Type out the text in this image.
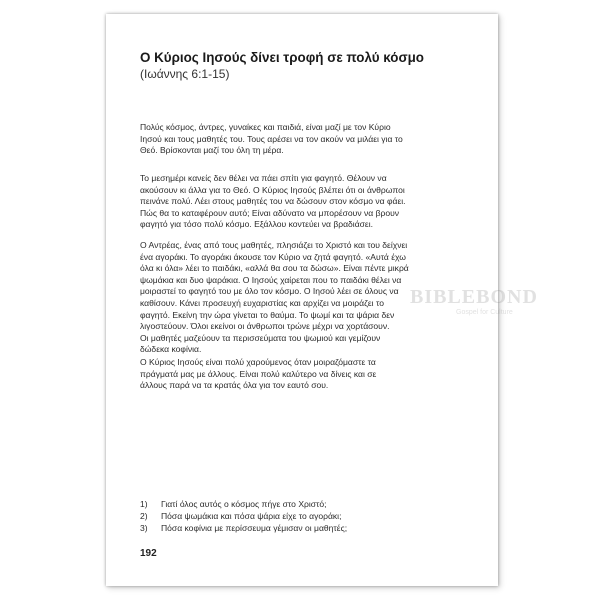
Ο Κύριος Ιησούς δίνει τροφή σε πολύ κόσμο
(Ιωάννης 6:1-15)

Πολύς κόσμος, άντρες, γυναίκες και παιδιά, είναι μαζί με τον Κύριο
Ιησού και τους μαθητές του. Τους αρέσει να τον ακούν να μιλάει για το
Θεό. Βρίσκονται μαζί του όλη τη μέρα.

Το μεσημέρι κανείς δεν θέλει να πάει σπίτι για φαγητό. Θέλουν να
ακούσουν κι άλλα για το Θεό. Ο Κύριος Ιησούς βλέπει ότι οι άνθρωποι
πεινάνε πολύ. Λέει στους μαθητές του να δώσουν στον κόσμο να φάει.
Πώς θα το καταφέρουν αυτό; Είναι αδύνατο να μπορέσουν να βρουν
φαγητό για τόσο πολύ κόσμο. Εξάλλου κοντεύει να βραδιάσει.

Ο Αντρέας, ένας από τους μαθητές, πλησιάζει το Χριστό και του δείχνει
ένα αγοράκι. Το αγοράκι άκουσε τον Κύριο να ζητά φαγητό. «Αυτά έχω
όλα κι όλα» λέει το παιδάκι, «αλλά θα σου τα δώσω». Είναι πέντε μικρά
ψωμάκια και δυο ψαράκια. Ο Ιησούς χαίρεται που το παιδάκι θέλει να
μοιραστεί το φαγητό του με όλο τον κόσμο. Ο Ιησού λέει σε όλους να
καθίσουν. Κάνει προσευχή ευχαριστίας και αρχίζει να μοιράζει το
φαγητό. Εκείνη την ώρα γίνεται το θαύμα. Το ψωμί και τα ψάρια δεν
λιγοστεύουν. Όλοι εκείνοι οι άνθρωποι τρώνε μέχρι να χορτάσουν.
Οι μαθητές μαζεύουν τα περισσεύματα του ψωμιού και γεμίζουν
δώδεκα κοφίνια.

Ο Κύριος Ιησούς είναι πολύ χαρούμενος όταν μοιραζόμαστε τα
πράγματά μας με άλλους. Είναι πολύ καλύτερο να δίνεις και σε
άλλους παρά να τα κρατάς όλα για τον εαυτό σου.

BIBLEBOND
Gospel for Culture
1)	Γιατί όλος αυτός ο κόσμος πήγε στο Χριστό;
2)	Πόσα ψωμάκια και πόσα ψάρια είχε το αγοράκι;
3)	Πόσα κοφίνια με περίσσευμα γέμισαν οι μαθητές;
192
